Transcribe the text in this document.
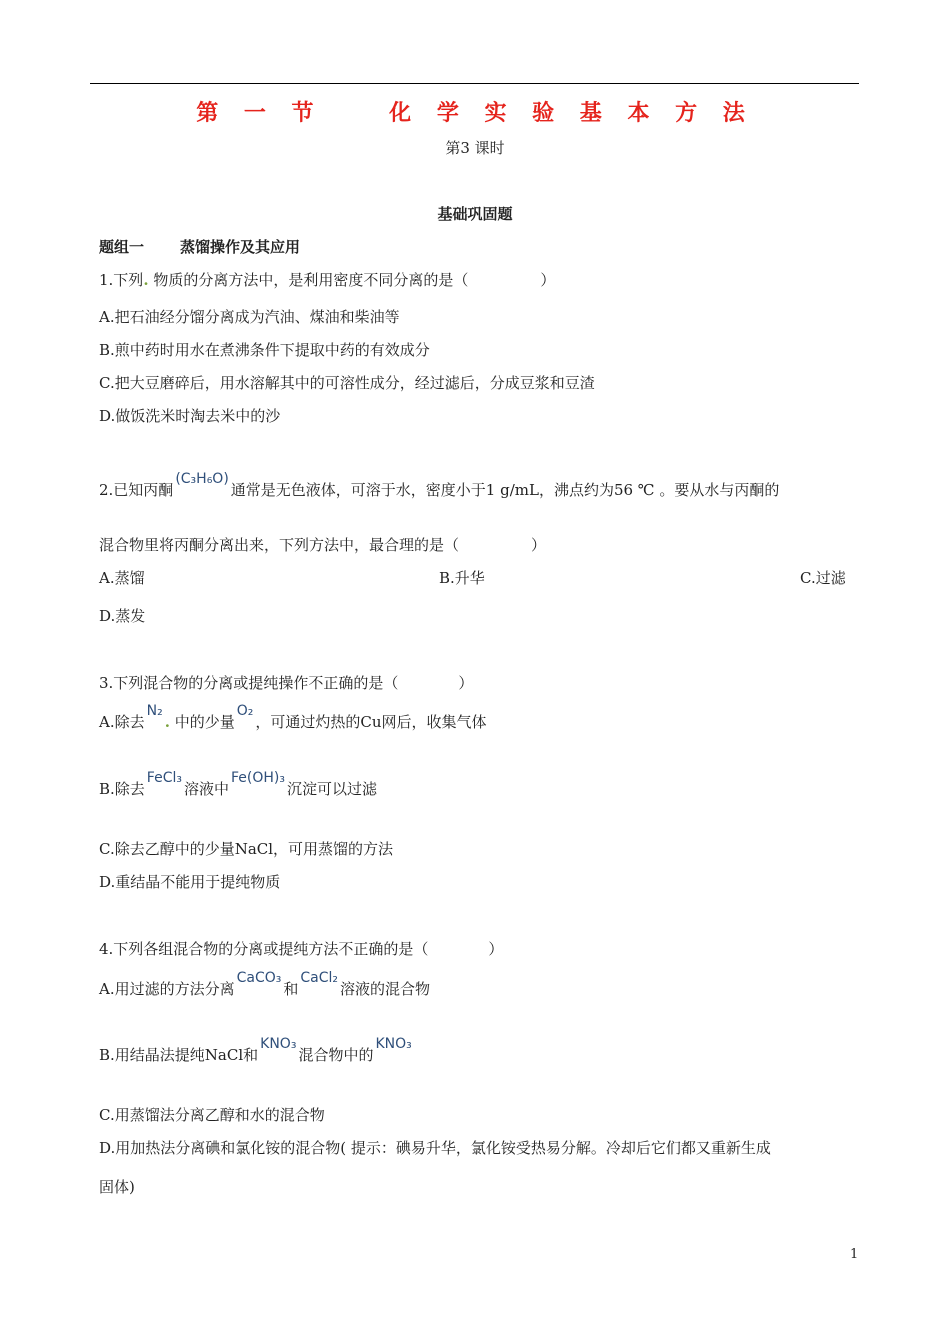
第 一 节    化 学 实 验 基 本 方 法
第3 课时
基础巩固题
题组一 蒸馏操作及其应用
1.下列. 物质的分离方法中，是利用密度不同分离的是（	）
A.把石油经分馏分离成为汽油、煤油和柴油等
B.煎中药时用水在煮沸条件下提取中药的有效成分
C.把大豆磨碎后，用水溶解其中的可溶性成分，经过滤后，分成豆浆和豆渣
D.做饭洗米时淘去米中的沙
2.已知丙酮(C₃H₆O)通常是无色液体，可溶于水，密度小于1 g/mL，沸点约为56 ℃ 。要从水与丙酮的
混合物里将丙酮分离出来，下列方法中，最合理的是（	）
A.蒸馏	B.升华	C.过滤
D.蒸发
3.下列混合物的分离或提纯操作不正确的是（	）
A.除去N₂. 中的少量O₂，可通过灼热的Cu网后，收集气体
B.除去FeCl₃溶液中Fe(OH)₃沉淀可以过滤
C.除去乙醇中的少量NaCl，可用蒸馏的方法
D.重结晶不能用于提纯物质
4.下列各组混合物的分离或提纯方法不正确的是（	）
A.用过滤的方法分离CaCO₃和CaCl₂溶液的混合物
B.用结晶法提纯NaCl和KNO₃混合物中的KNO₃
C.用蒸馏法分离乙醇和水的混合物
D.用加热法分离碘和氯化铵的混合物( 提示：碘易升华，氯化铵受热易分解。冷却后它们都又重新生成
固体)
1
